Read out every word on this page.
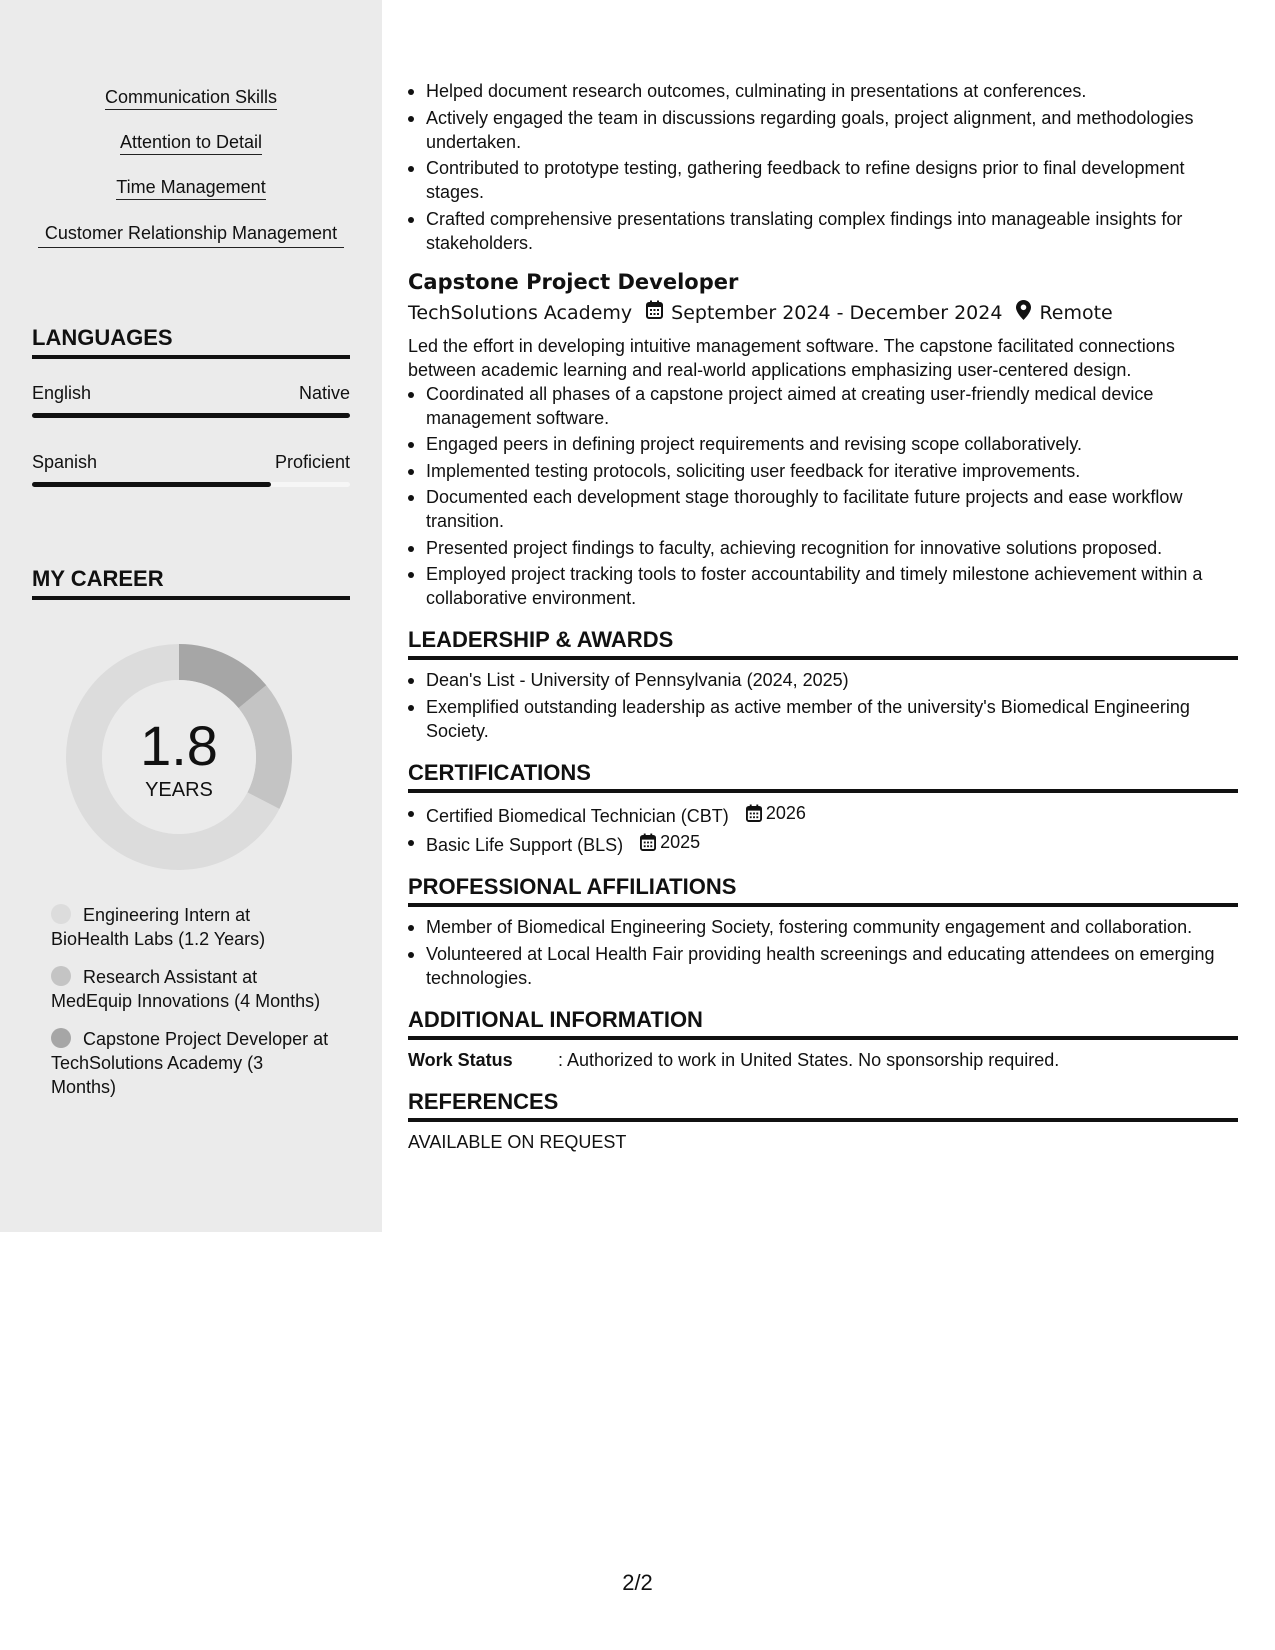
Communication Skills
Attention to Detail
Time Management
Customer Relationship Management
LANGUAGES
English	Native
Spanish	Proficient
MY CAREER
1.8
YEARS
Engineering Intern at BioHealth Labs (1.2 Years)
Research Assistant at MedEquip Innovations (4 Months)
Capstone Project Developer at TechSolutions Academy (3 Months)
Helped document research outcomes, culminating in presentations at conferences.
Actively engaged the team in discussions regarding goals, project alignment, and methodologies undertaken.
Contributed to prototype testing, gathering feedback to refine designs prior to final development stages.
Crafted comprehensive presentations translating complex findings into manageable insights for stakeholders.
Capstone Project Developer
TechSolutions Academy September 2024 - December 2024 Remote
Led the effort in developing intuitive management software. The capstone facilitated connections between academic learning and real-world applications emphasizing user-centered design.
Coordinated all phases of a capstone project aimed at creating user-friendly medical device management software.
Engaged peers in defining project requirements and revising scope collaboratively.
Implemented testing protocols, soliciting user feedback for iterative improvements.
Documented each development stage thoroughly to facilitate future projects and ease workflow transition.
Presented project findings to faculty, achieving recognition for innovative solutions proposed.
Employed project tracking tools to foster accountability and timely milestone achievement within a collaborative environment.
LEADERSHIP & AWARDS
Dean's List - University of Pennsylvania (2024, 2025)
Exemplified outstanding leadership as active member of the university's Biomedical Engineering Society.
CERTIFICATIONS
Certified Biomedical Technician (CBT) 2026
Basic Life Support (BLS) 2025
PROFESSIONAL AFFILIATIONS
Member of Biomedical Engineering Society, fostering community engagement and collaboration.
Volunteered at Local Health Fair providing health screenings and educating attendees on emerging technologies.
ADDITIONAL INFORMATION
Work Status	: Authorized to work in United States. No sponsorship required.
REFERENCES
AVAILABLE ON REQUEST
2/2
